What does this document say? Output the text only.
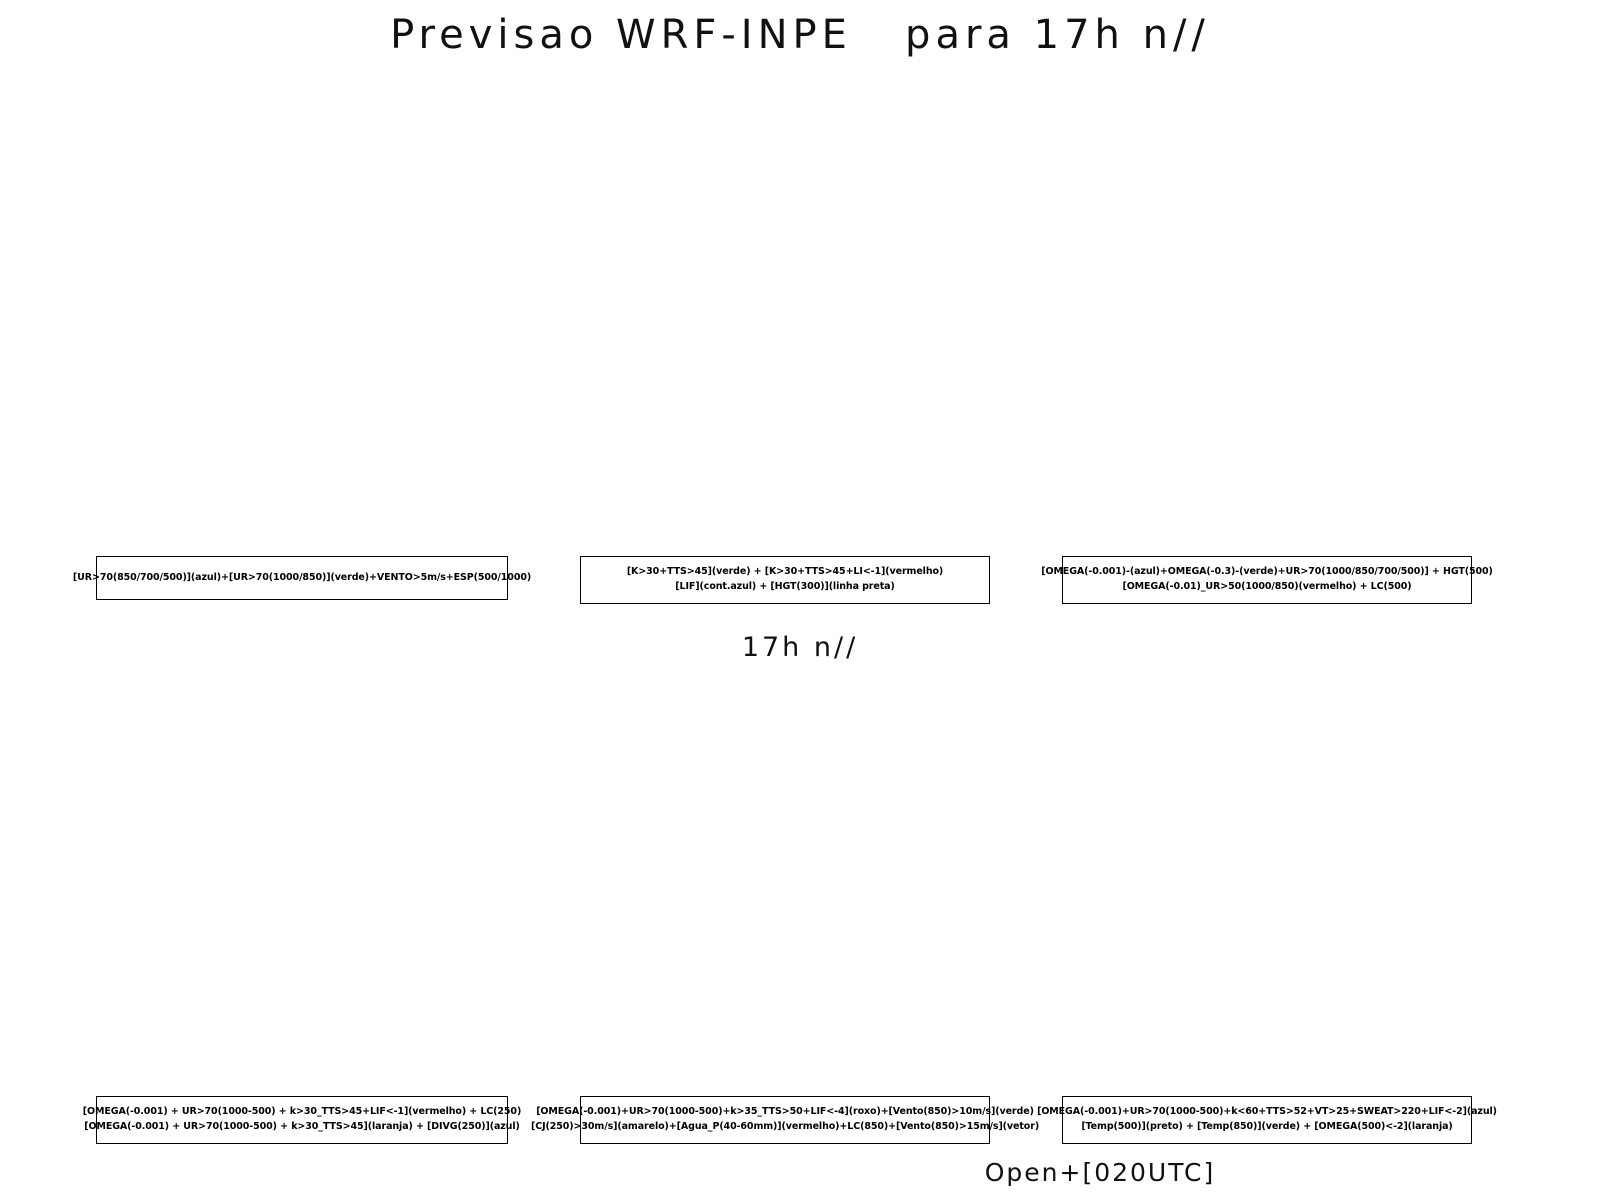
Previsao WRF-INPE   para 17h n//
[UR>70(850/700/500)](azul)+[UR>70(1000/850)](verde)+VENTO>5m/s+ESP(500/1000)	[K>30+TTS>45](verde) + [K>30+TTS>45+LI<-1](vermelho)
[LIF](cont.azul) + [HGT(300)](linha preta)
[OMEGA(-0.001)-(azul)+OMEGA(-0.3)-(verde)+UR>70(1000/850/700/500)] + HGT(500)
[OMEGA(-0.01)_UR>50(1000/850)(vermelho) + LC(500)
17h n//
[OMEGA(-0.001) + UR>70(1000-500) + k>30_TTS>45+LIF<-1](vermelho) + LC(250)
[OMEGA(-0.001) + UR>70(1000-500) + k>30_TTS>45](laranja) + [DIVG(250)](azul)
[OMEGA(-0.001)+UR>70(1000-500)+k>35_TTS>50+LIF<-4](roxo)+[Vento(850)>10m/s](verde)
[CJ(250)>30m/s](amarelo)+[Agua_P(40-60mm)](vermelho)+LC(850)+[Vento(850)>15m/s](vetor)
[OMEGA(-0.001)+UR>70(1000-500)+k<60+TTS>52+VT>25+SWEAT>220+LIF<-2](azul)
[Temp(500)](preto) + [Temp(850)](verde) + [OMEGA(500)<-2](laranja)
Open+[020UTC]
